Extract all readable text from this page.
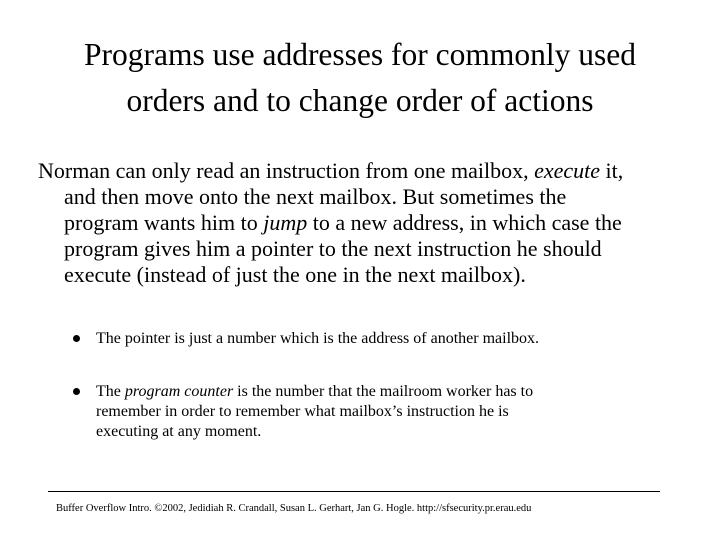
Programs use addresses for commonly used
orders and to change order of actions
Norman can only read an instruction from one mailbox, execute it,
and then move onto the next mailbox. But sometimes the
program wants him to jump to a new address, in which case the
program gives him a pointer to the next instruction he should
execute (instead of just the one in the next mailbox).
The pointer is just a number which is the address of another mailbox.
The program counter is the number that the mailroom worker has to
remember in order to remember what mailbox’s instruction he is
executing at any moment.
Buffer Overflow Intro. ©2002, Jedidiah R. Crandall, Susan L. Gerhart, Jan G. Hogle. http://sfsecurity.pr.erau.edu
